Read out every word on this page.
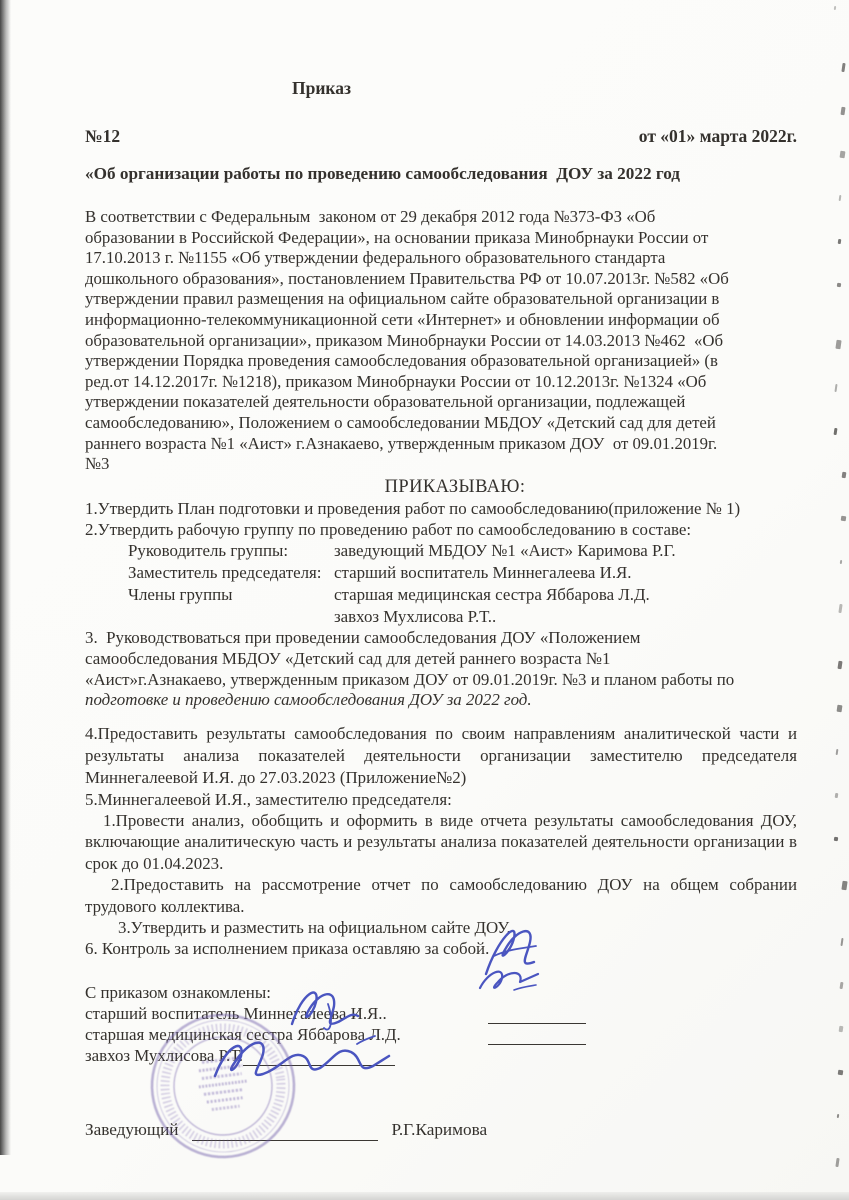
Приказ
№12	от «01» марта 2022г.
«Об организации работы по проведению самообследования  ДОУ за 2022 год
В соответствии с Федеральным  законом от 29 декабря 2012 года №373-ФЗ «Об
образовании в Российской Федерации», на основании приказа Минобрнауки России от
17.10.2013 г. №1155 «Об утверждении федерального образовательного стандарта
дошкольного образования», постановлением Правительства РФ от 10.07.2013г. №582 «Об
утверждении правил размещения на официальном сайте образовательной организации в
информационно-телекоммуникационной сети «Интернет» и обновлении информации об
образовательной организации», приказом Минобрнауки России от 14.03.2013 №462  «Об
утверждении Порядка проведения самообследования образовательной организацией» (в
ред.от 14.12.2017г. №1218), приказом Минобрнауки России от 10.12.2013г. №1324 «Об
утверждении показателей деятельности образовательной организации, подлежащей
самообследованию», Положением о самообследовании МБДОУ «Детский сад для детей
раннего возраста №1 «Аист» г.Азнакаево, утвержденным приказом ДОУ  от 09.01.2019г.
№3
ПРИКАЗЫВАЮ:
1.Утвердить План подготовки и проведения работ по самообследованию(приложение № 1)
2.Утвердить рабочую группу по проведению работ по самообследованию в составе:
Руководитель группы:	заведующий МБДОУ №1 «Аист» Каримова Р.Г.
Заместитель председателя: старший воспитатель Миннегалеева И.Я.
Члены группы	старшая медицинская сестра Яббарова Л.Д.
завхоз Мухлисова Р.Т..
3.  Руководствоваться при проведении самообследования ДОУ «Положением
самообследования МБДОУ «Детский сад для детей раннего возраста №1
«Аист»г.Азнакаево, утвержденным приказом ДОУ от 09.01.2019г. №3 и планом работы по
подготовке и проведению самообследования ДОУ за 2022 год.
4.Предоставить результаты самообследования по своим направлениям аналитической части и результаты анализа показателей деятельности организации заместителю председателя Миннегалеевой И.Я. до 27.03.2023 (Приложение№2)
5.Миннегалеевой И.Я., заместителю председателя:
1.Провести анализ, обобщить и оформить в виде отчета результаты самообследования ДОУ, включающие аналитическую часть и результаты анализа показателей деятельности организации в срок до 01.04.2023.
2.Предоставить на рассмотрение отчет по самообследованию ДОУ на общем собрании трудового коллектива.
3.Утвердить и разместить на официальном сайте ДОУ.
6. Контроль за исполнением приказа оставляю за собой.
С приказом ознакомлены:
старший воспитатель Миннегалеева И.Я..
старшая медицинская сестра Яббарова Л.Д.
завхоз Мухлисова Р.Т.
Заведующий	Р.Г.Каримова
